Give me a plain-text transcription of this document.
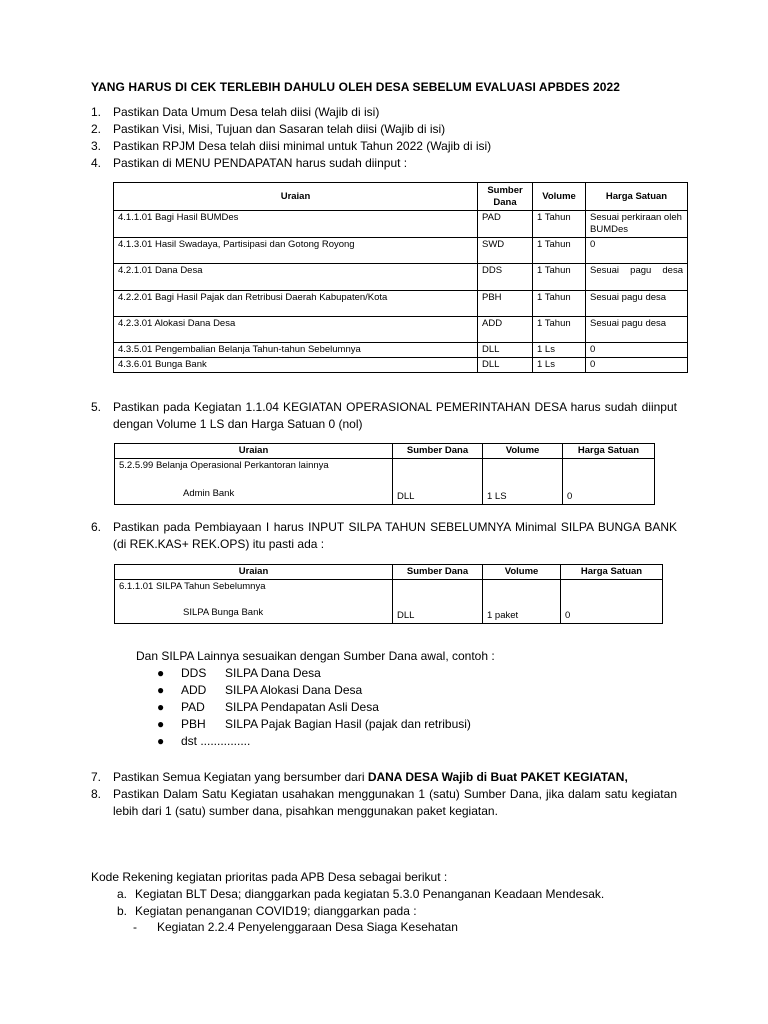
YANG HARUS DI CEK TERLEBIH DAHULU OLEH DESA SEBELUM EVALUASI APBDES 2022
1. Pastikan Data Umum Desa telah diisi (Wajib di isi)
2. Pastikan Visi, Misi, Tujuan dan Sasaran telah diisi (Wajib di isi)
3. Pastikan RPJM Desa telah diisi minimal untuk Tahun 2022 (Wajib di isi)
4. Pastikan di MENU PENDAPATAN harus sudah diinput :
Uraian	Sumber Dana	Volume	Harga Satuan
4.1.1.01 Bagi Hasil BUMDes	PAD	1 Tahun	Sesuai perkiraan oleh BUMDes
4.1.3.01 Hasil Swadaya, Partisipasi dan Gotong Royong	SWD	1 Tahun	0
4.2.1.01 Dana Desa	DDS	1 Tahun	Sesuai pagu desa
4.2.2.01 Bagi Hasil Pajak dan Retribusi Daerah Kabupaten/Kota	PBH	1 Tahun	Sesuai pagu desa
4.2.3.01 Alokasi Dana Desa	ADD	1 Tahun	Sesuai pagu desa
4.3.5.01 Pengembalian Belanja Tahun-tahun Sebelumnya	DLL	1 Ls	0
4.3.6.01 Bunga Bank	DLL	1 Ls	0
5. Pastikan pada Kegiatan 1.1.04 KEGIATAN OPERASIONAL PEMERINTAHAN DESA harus sudah diinput dengan Volume 1 LS dan Harga Satuan 0 (nol)
Uraian	Sumber Dana	Volume	Harga Satuan

5.2.5.99 Belanja Operasional Perkantoran lainnya
Admin Bank	DLL	1 LS	0
6. Pastikan pada Pembiayaan I harus INPUT SILPA TAHUN SEBELUMNYA Minimal SILPA BUNGA BANK (di REK.KAS+ REK.OPS) itu pasti ada :
Uraian	Sumber Dana	Volume	Harga Satuan

6.1.1.01 SILPA Tahun Sebelumnya
SILPA Bunga Bank	DLL	1 paket	0
Dan SILPA Lainnya sesuaikan dengan Sumber Dana awal, contoh :
● DDS SILPA Dana Desa
● ADD SILPA Alokasi Dana Desa
● PAD SILPA Pendapatan Asli Desa
● PBH SILPA Pajak Bagian Hasil (pajak dan retribusi)
● dst ...............
7. Pastikan Semua Kegiatan yang bersumber dari DANA DESA Wajib di Buat PAKET KEGIATAN,
8. Pastikan Dalam Satu Kegiatan usahakan menggunakan 1 (satu) Sumber Dana, jika dalam satu kegiatan lebih dari 1 (satu) sumber dana, pisahkan menggunakan paket kegiatan.
Kode Rekening kegiatan prioritas pada APB Desa sebagai berikut :
a. Kegiatan BLT Desa; dianggarkan pada kegiatan 5.3.0 Penanganan Keadaan Mendesak.
b. Kegiatan penanganan COVID19; dianggarkan pada :
- Kegiatan 2.2.4 Penyelenggaraan Desa Siaga Kesehatan
